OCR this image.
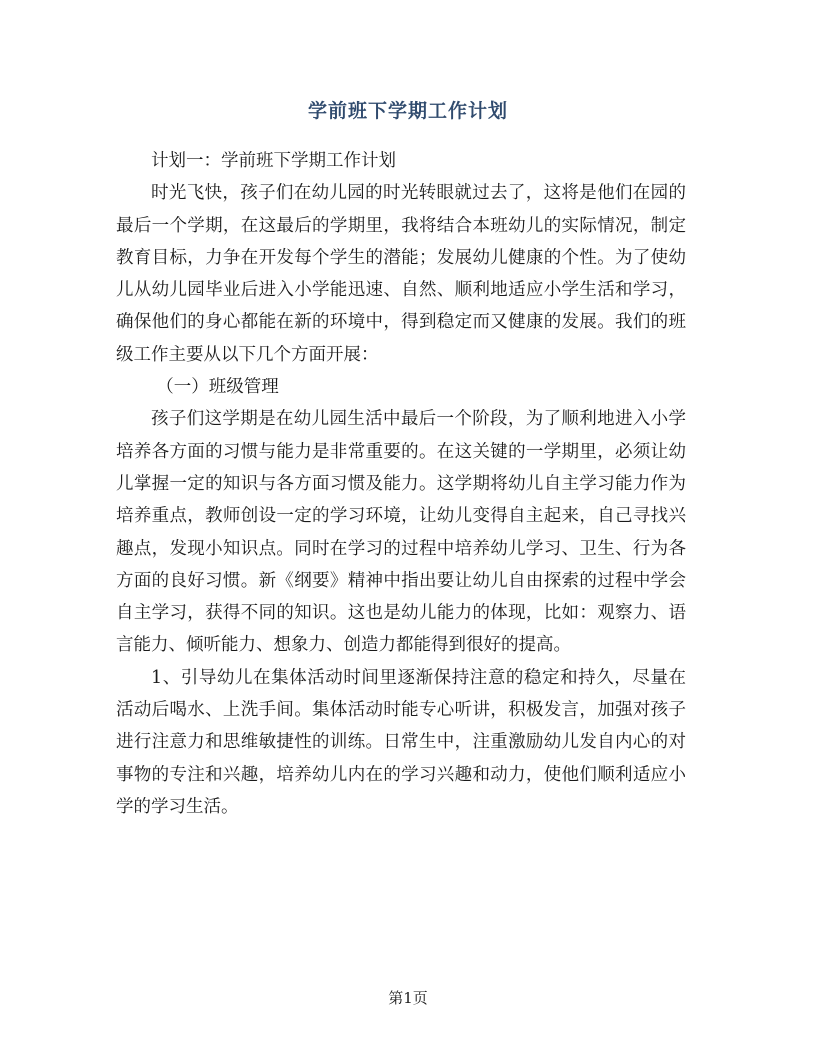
学前班下学期工作计划

计划一：学前班下学期工作计划

时光飞快，孩子们在幼儿园的时光转眼就过去了，这将是他们在园的最后一个学期，在这最后的学期里，我将结合本班幼儿的实际情况，制定教育目标，力争在开发每个学生的潜能；发展幼儿健康的个性。为了使幼儿从幼儿园毕业后进入小学能迅速、自然、顺利地适应小学生活和学习，确保他们的身心都能在新的环境中，得到稳定而又健康的发展。我们的班级工作主要从以下几个方面开展：

（一）班级管理

孩子们这学期是在幼儿园生活中最后一个阶段，为了顺利地进入小学培养各方面的习惯与能力是非常重要的。在这关键的一学期里，必须让幼儿掌握一定的知识与各方面习惯及能力。这学期将幼儿自主学习能力作为培养重点，教师创设一定的学习环境，让幼儿变得自主起来，自己寻找兴趣点，发现小知识点。同时在学习的过程中培养幼儿学习、卫生、行为各方面的良好习惯。新《纲要》精神中指出要让幼儿自由探索的过程中学会自主学习，获得不同的知识。这也是幼儿能力的体现，比如：观察力、语言能力、倾听能力、想象力、创造力都能得到很好的提高。

1、引导幼儿在集体活动时间里逐渐保持注意的稳定和持久，尽量在活动后喝水、上洗手间。集体活动时能专心听讲，积极发言，加强对孩子进行注意力和思维敏捷性的训练。日常生中，注重激励幼儿发自内心的对事物的专注和兴趣，培养幼儿内在的学习兴趣和动力，使他们顺利适应小学的学习生活。

第1页
